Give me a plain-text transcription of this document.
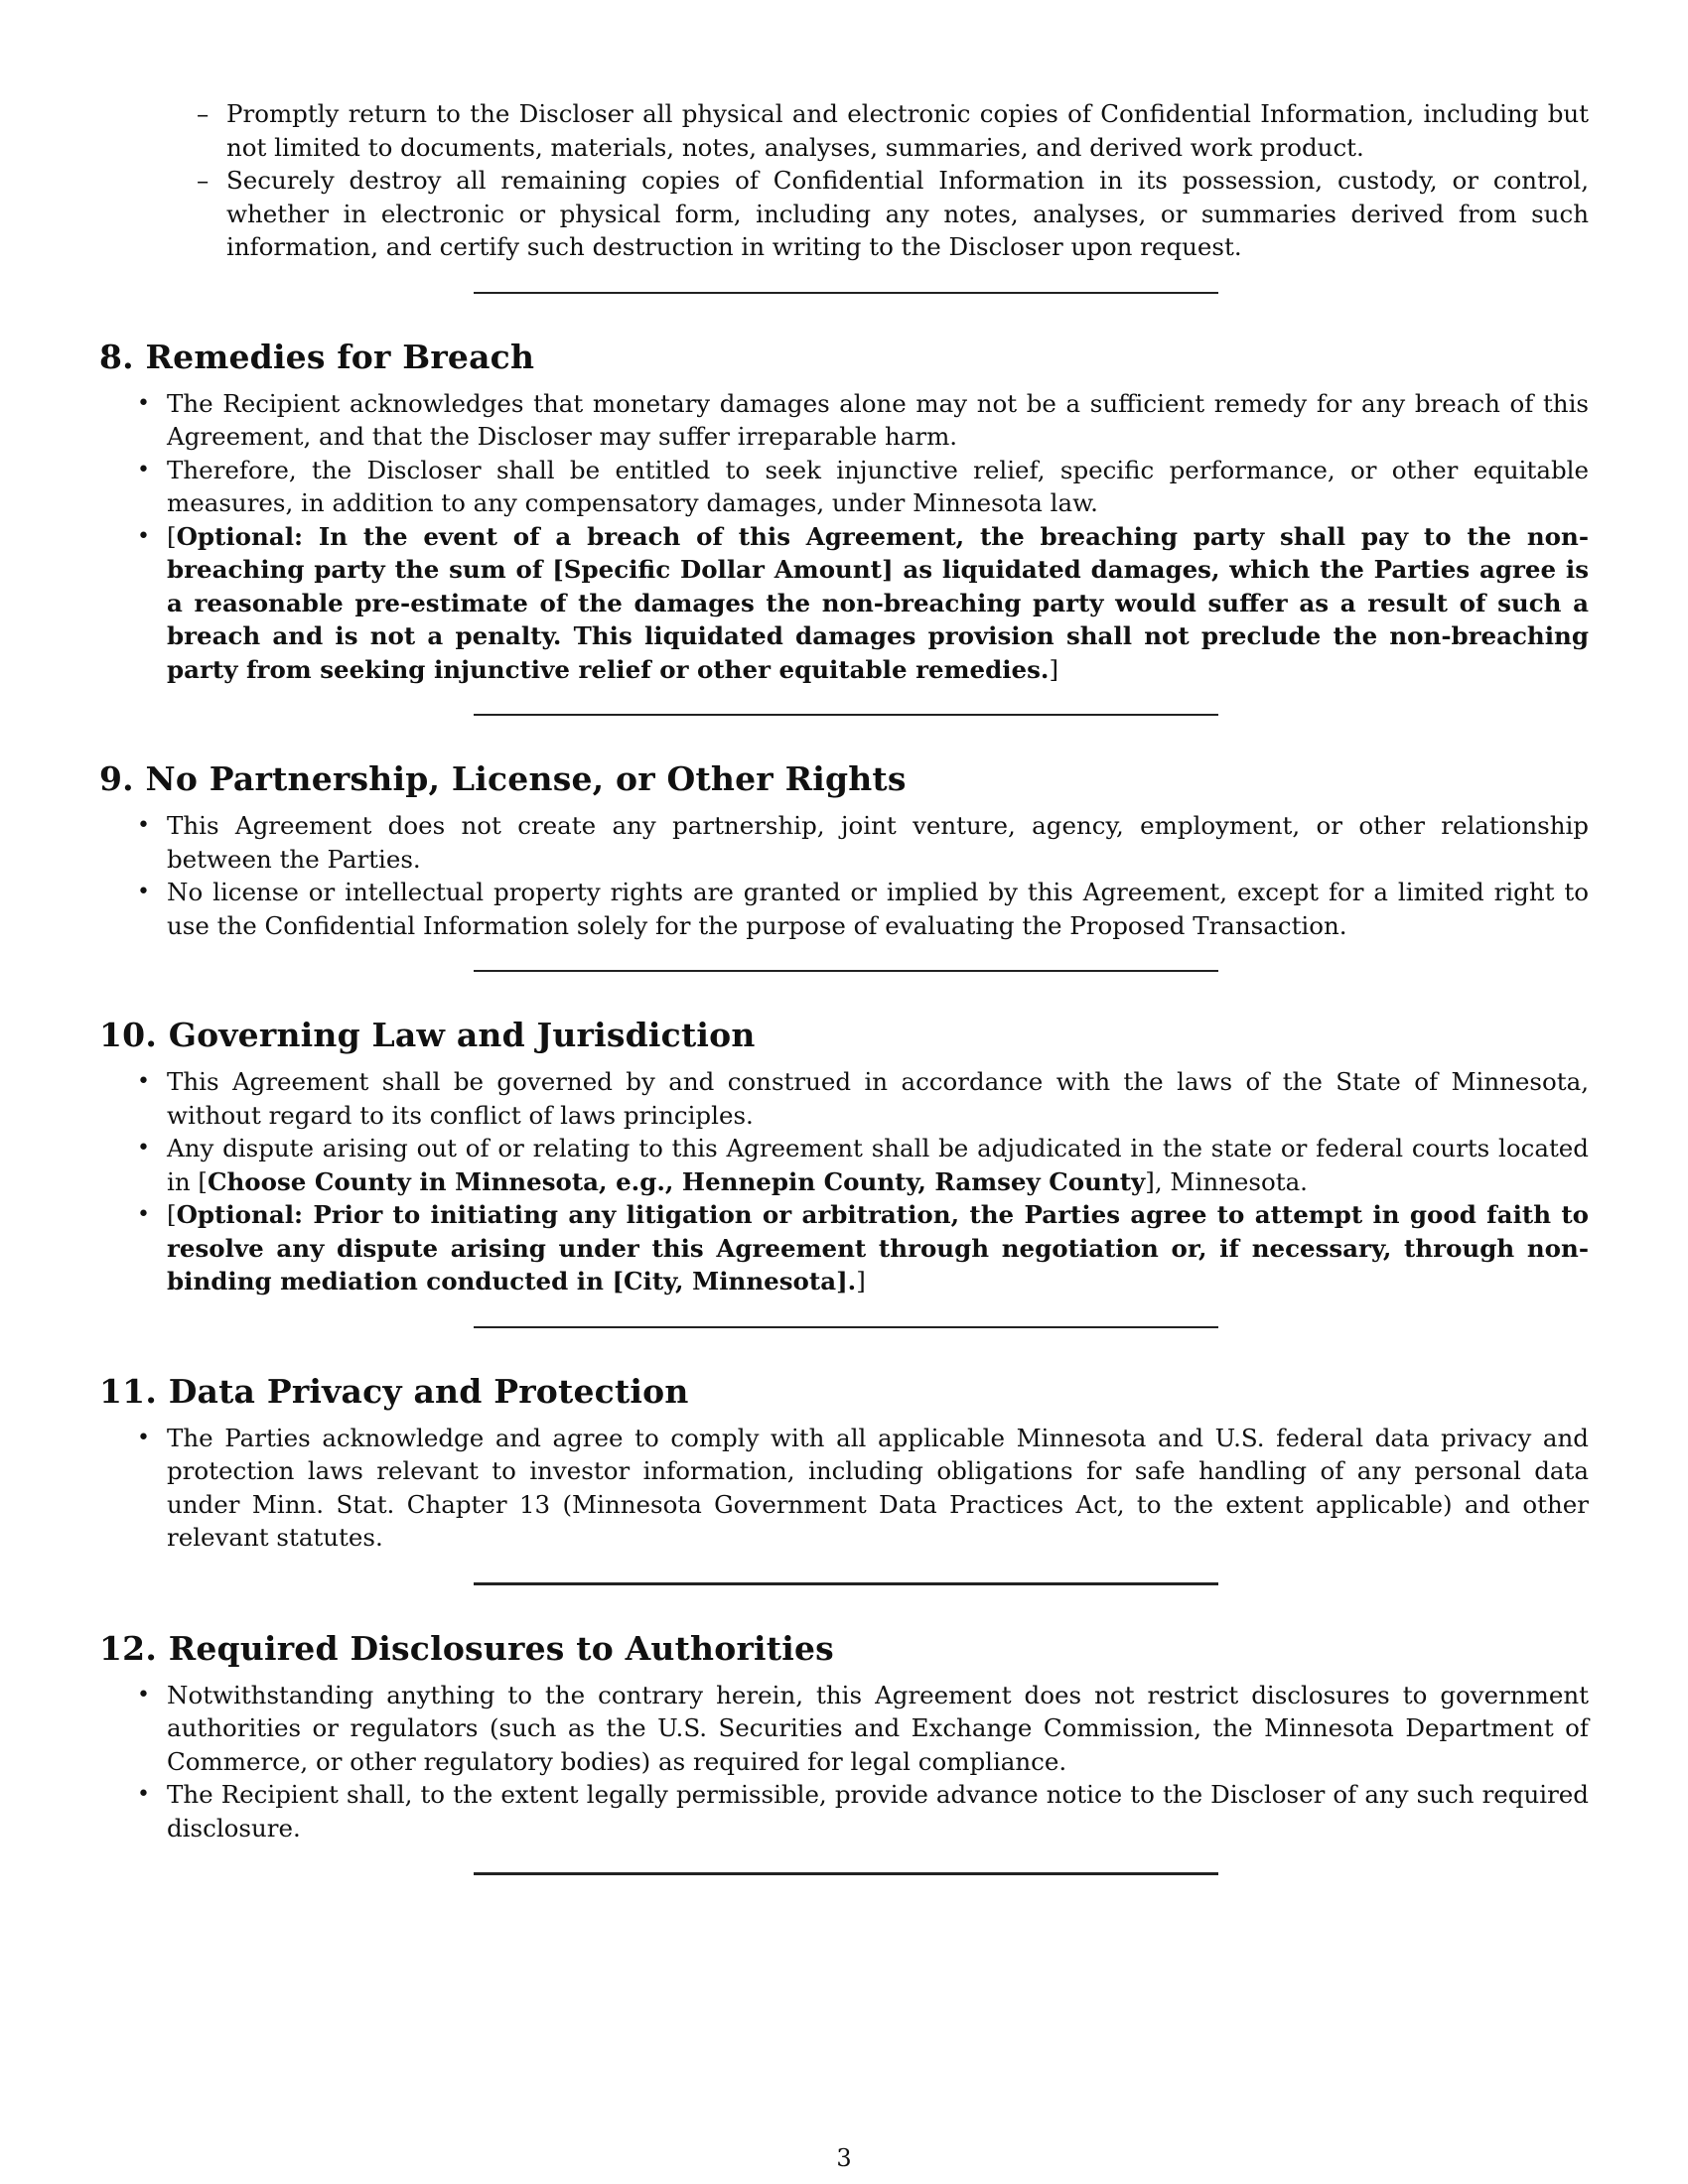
– Promptly return to the Discloser all physical and electronic copies of Confidential Information, including but not limited to documents, materials, notes, analyses, summaries, and derived work product.
– Securely destroy all remaining copies of Confidential Information in its possession, custody, or control, whether in electronic or physical form, including any notes, analyses, or summaries derived from such information, and certify such destruction in writing to the Discloser upon request.
8. Remedies for Breach
• The Recipient acknowledges that monetary damages alone may not be a sufficient remedy for any breach of this Agreement, and that the Discloser may suffer irreparable harm.
• Therefore, the Discloser shall be entitled to seek injunctive relief, specific performance, or other equitable measures, in addition to any compensatory damages, under Minnesota law.
• [Optional: In the event of a breach of this Agreement, the breaching party shall pay to the non-breaching party the sum of [Specific Dollar Amount] as liquidated damages, which the Parties agree is a reasonable pre-estimate of the damages the non-breaching party would suffer as a result of such a breach and is not a penalty. This liquidated damages provision shall not preclude the non-breaching party from seeking injunctive relief or other equitable remedies.]
9. No Partnership, License, or Other Rights
• This Agreement does not create any partnership, joint venture, agency, employment, or other relationship between the Parties.
• No license or intellectual property rights are granted or implied by this Agreement, except for a limited right to use the Confidential Information solely for the purpose of evaluating the Proposed Transaction.
10. Governing Law and Jurisdiction
• This Agreement shall be governed by and construed in accordance with the laws of the State of Minnesota, without regard to its conflict of laws principles.
• Any dispute arising out of or relating to this Agreement shall be adjudicated in the state or federal courts located in [Choose County in Minnesota, e.g., Hennepin County, Ramsey County], Minnesota.
• [Optional: Prior to initiating any litigation or arbitration, the Parties agree to attempt in good faith to resolve any dispute arising under this Agreement through negotiation or, if necessary, through non-binding mediation conducted in [City, Minnesota].]
11. Data Privacy and Protection
• The Parties acknowledge and agree to comply with all applicable Minnesota and U.S. federal data privacy and protection laws relevant to investor information, including obligations for safe handling of any personal data under Minn. Stat. Chapter 13 (Minnesota Government Data Practices Act, to the extent applicable) and other relevant statutes.
12. Required Disclosures to Authorities
• Notwithstanding anything to the contrary herein, this Agreement does not restrict disclosures to government authorities or regulators (such as the U.S. Securities and Exchange Commission, the Minnesota Department of Commerce, or other regulatory bodies) as required for legal compliance.
• The Recipient shall, to the extent legally permissible, provide advance notice to the Discloser of any such required disclosure.
3
